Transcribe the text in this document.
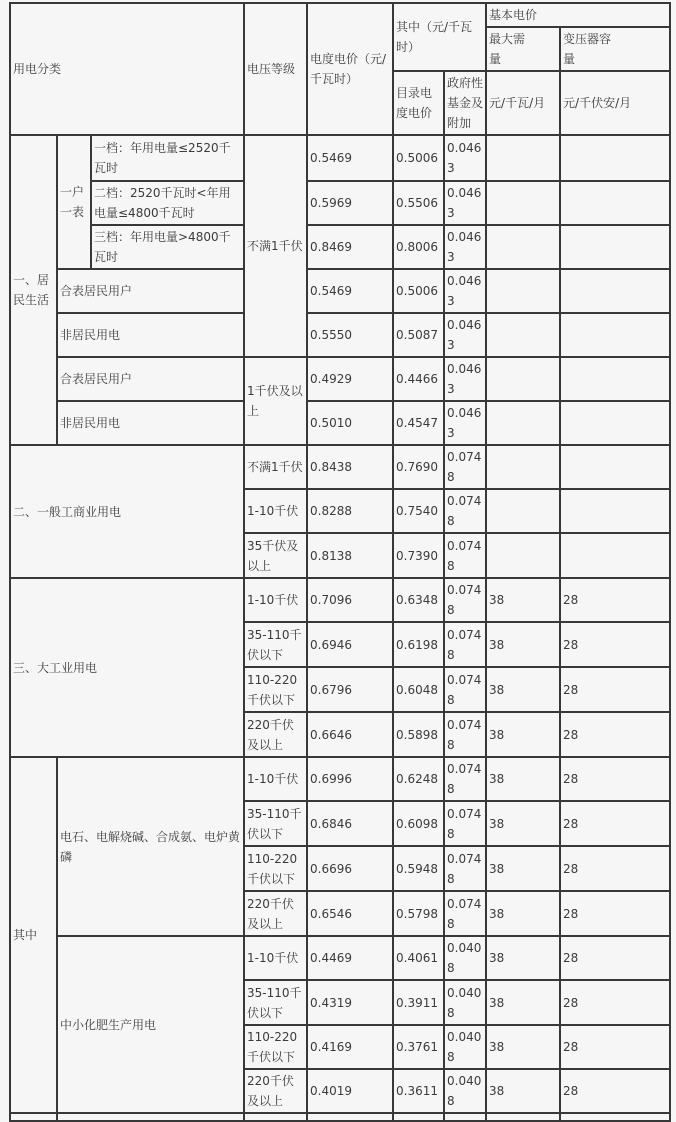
用电分类			电压等级	电度电价（元/千瓦时）	其中（元/千瓦时）		基本电价	
							最大需量	变压器容量
					目录电度电价	政府性基金及附加	元/千瓦/月	元/千伏安/月
一、居民生活	一户一表	一档：年用电量≤2520千瓦时	不满1千伏	0.5469	0.5006	0.0463		
		二档：2520千瓦时<年用电量≤4800千瓦时		0.5969	0.5506	0.0463		
		三档：年用电量>4800千瓦时		0.8469	0.8006	0.0463		
	合表居民用户			0.5469	0.5006	0.0463		
	非居民用电			0.5550	0.5087	0.0463		
	合表居民用户		1千伏及以上	0.4929	0.4466	0.0463		
	非居民用电			0.5010	0.4547	0.0463		
二、一般工商业用电			不满1千伏	0.8438	0.7690	0.0748		
			1-10千伏	0.8288	0.7540	0.0748		
			35千伏及以上	0.8138	0.7390	0.0748		
三、大工业用电			1-10千伏	0.7096	0.6348	0.0748	38	28
			35-110千伏以下	0.6946	0.6198	0.0748	38	28
			110-220千伏以下	0.6796	0.6048	0.0748	38	28
			220千伏及以上	0.6646	0.5898	0.0748	38	28
其中	电石、电解烧碱、合成氨、电炉黄磷		1-10千伏	0.6996	0.6248	0.0748	38	28
			35-110千伏以下	0.6846	0.6098	0.0748	38	28
			110-220千伏以下	0.6696	0.5948	0.0748	38	28
			220千伏及以上	0.6546	0.5798	0.0748	38	28
	中小化肥生产用电		1-10千伏	0.4469	0.4061	0.0408	38	28
			35-110千伏以下	0.4319	0.3911	0.0408	38	28
			110-220千伏以下	0.4169	0.3761	0.0408	38	28
			220千伏及以上	0.4019	0.3611	0.0408	38	28
